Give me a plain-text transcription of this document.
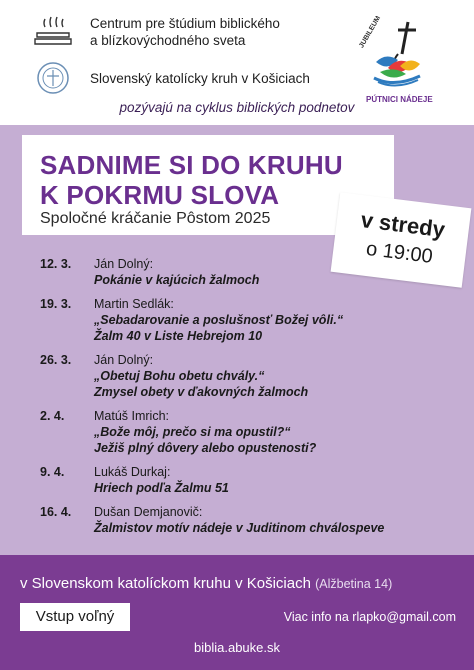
Centrum pre štúdium biblického
a blízkovýchodného sveta
Slovenský katolícky kruh v Košiciach
JUBILEUM 2025
PÚTNICI NÁDEJE
pozývajú na cyklus biblických podnetov
SADNIME SI DO KRUHU
K POKRMU SLOVA
Spoločné kráčanie Pôstom 2025	v stredy
o 19:00
12. 3. Ján Dolný:
Pokánie v kajúcich žalmoch
19. 3. Martin Sedlák:
„Sebadarovanie a poslušnosť Božej vôli.“
Žalm 40 v Liste Hebrejom 10
26. 3. Ján Dolný:
„Obetuj Bohu obetu chvály.“
Zmysel obety v ďakovných žalmoch
2. 4. Matúš Imrich:
„Bože môj, prečo si ma opustil?“
Ježiš plný dôvery alebo opustenosti?
9. 4. Lukáš Durkaj:
Hriech podľa Žalmu 51
16. 4. Dušan Demjanovič:
Žalmistov motív nádeje v Juditinom chválospeve
v Slovenskom katolíckom kruhu v Košiciach (Alžbetina 14)
Vstup voľný	Viac info na rlapko@gmail.com
biblia.abuke.sk
